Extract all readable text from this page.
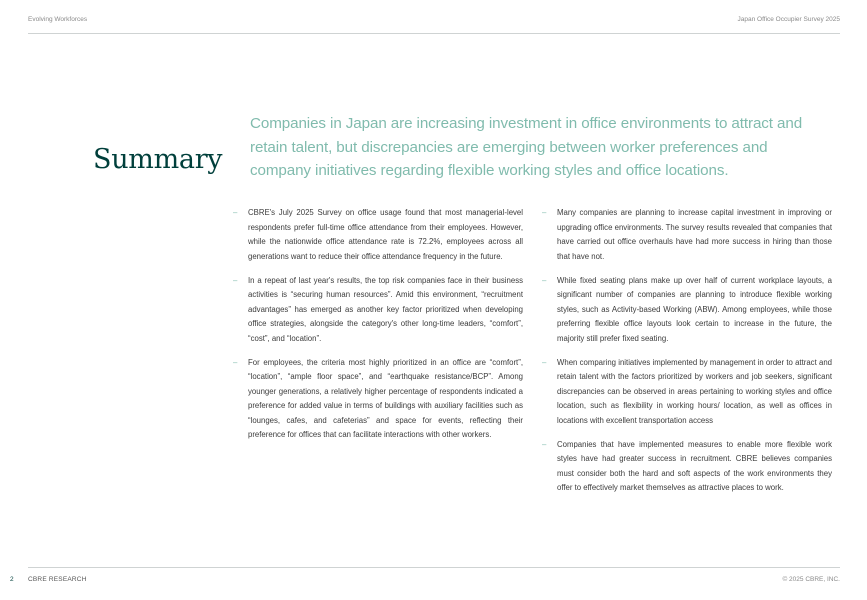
Evolving Workforces	Japan Office Occupier Survey 2025
Summary

Companies in Japan are increasing investment in office environments to attract and retain talent, but discrepancies are emerging between worker preferences and company initiatives regarding flexible working styles and office locations.

– CBRE's July 2025 Survey on office usage found that most managerial-level respondents prefer full-time office attendance from their employees. However, while the nationwide office attendance rate is 72.2%, employees across all generations want to reduce their office attendance frequency in the future.
– In a repeat of last year's results, the top risk companies face in their business activities is “securing human resources”. Amid this environment, “recruitment advantages” has emerged as another key factor prioritized when developing office strategies, alongside the category's other long-time leaders, “comfort”, “cost”, and “location”.
– For employees, the criteria most highly prioritized in an office are “comfort”, “location”, “ample floor space”, and “earthquake resistance/BCP”. Among younger generations, a relatively higher percentage of respondents indicated a preference for added value in terms of buildings with auxiliary facilities such as “lounges, cafes, and cafeterias” and space for events, reflecting their preference for offices that can facilitate interactions with other workers.
– Many companies are planning to increase capital investment in improving or upgrading office environments. The survey results revealed that companies that have carried out office overhauls have had more success in hiring than those that have not.
– While fixed seating plans make up over half of current workplace layouts, a significant number of companies are planning to introduce flexible working styles, such as Activity-based Working (ABW). Among employees, while those preferring flexible office layouts look certain to increase in the future, the majority still prefer fixed seating.
– When comparing initiatives implemented by management in order to attract and retain talent with the factors prioritized by workers and job seekers, significant discrepancies can be observed in areas pertaining to working styles and office location, such as flexibility in working hours/ location, as well as offices in locations with excellent transportation access
– Companies that have implemented measures to enable more flexible work styles have had greater success in recruitment. CBRE believes companies must consider both the hard and soft aspects of the work environments they offer to effectively market themselves as attractive places to work.
2 CBRE RESEARCH	© 2025 CBRE, INC.
